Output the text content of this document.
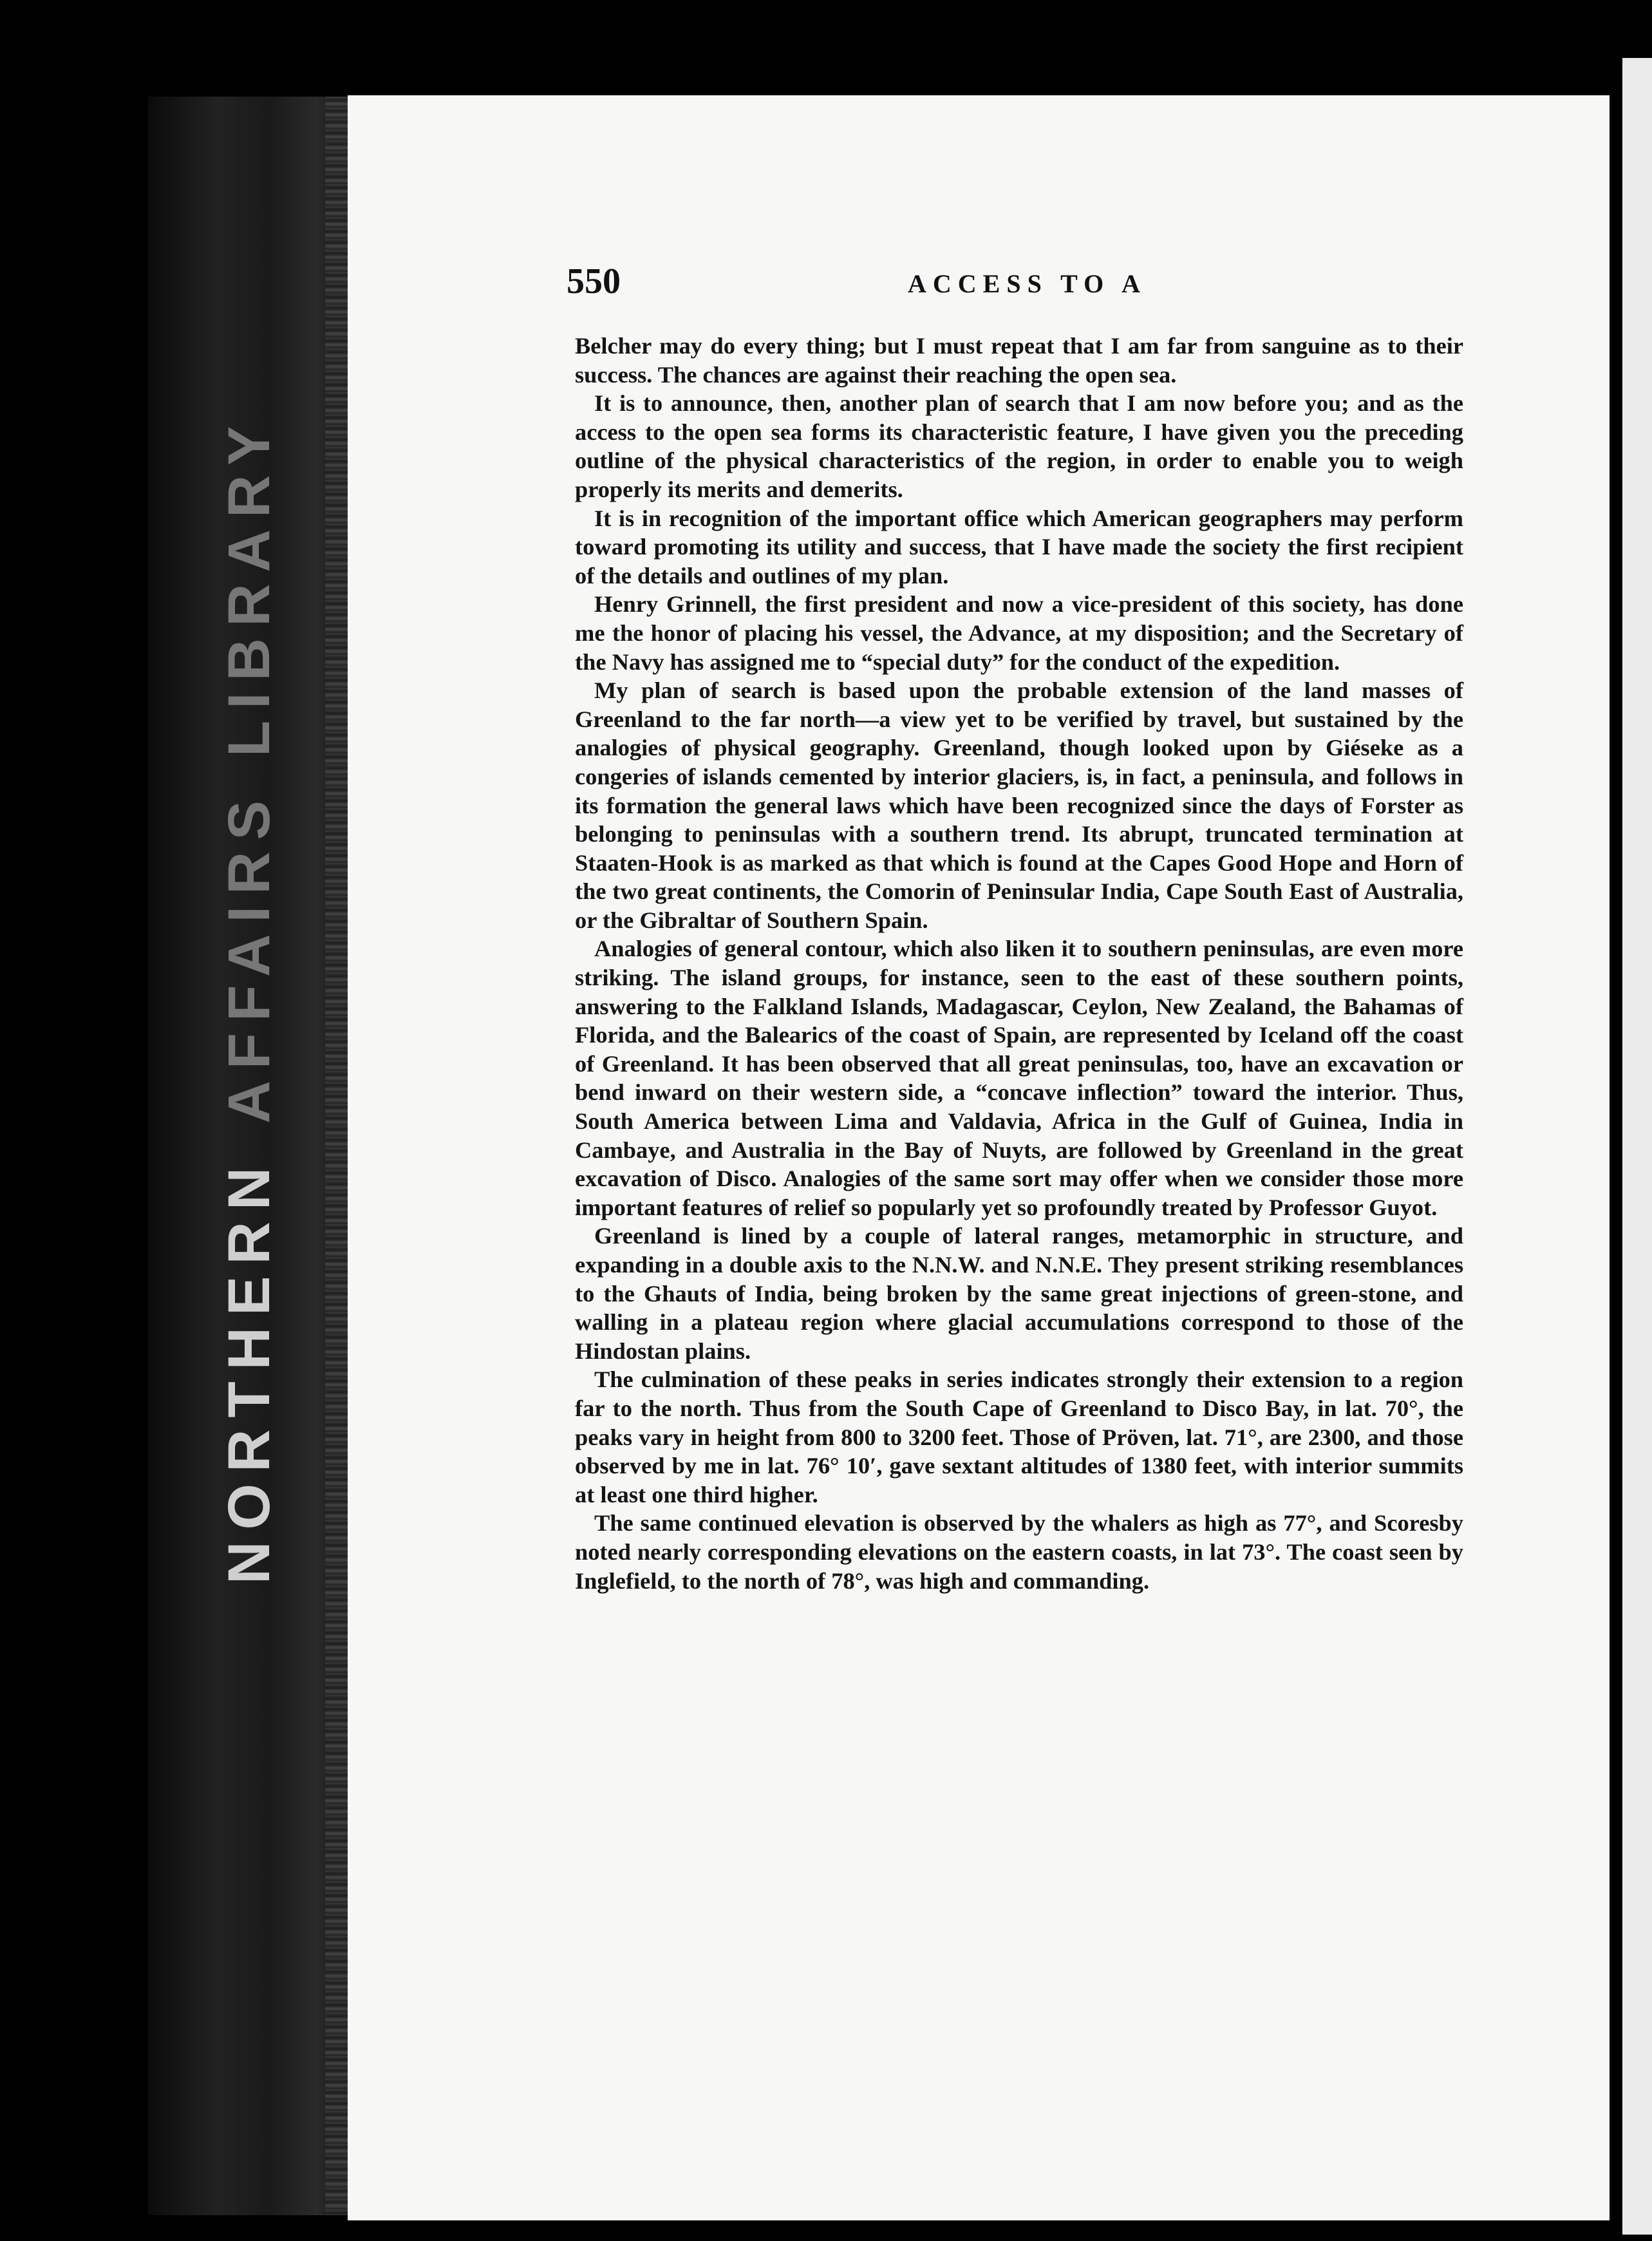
NORTHERNAFFAIRSLIBRARY
550	ACCESS TO A

Belcher may do every thing; but I must repeat that I am far from sanguine as to their success. The chances are against their reaching the open sea.

It is to announce, then, another plan of search that I am now before you; and as the access to the open sea forms its characteristic feature, I have given you the preceding outline of the physical characteristics of the region, in order to enable you to weigh properly its merits and demerits.

It is in recognition of the important office which American geographers may perform toward promoting its utility and success, that I have made the society the first recipient of the details and outlines of my plan.

Henry Grinnell, the first president and now a vice-president of this society, has done me the honor of placing his vessel, the Advance, at my disposition; and the Secretary of the Navy has assigned me to “special duty” for the conduct of the expedition.

My plan of search is based upon the probable extension of the land masses of Greenland to the far north—a view yet to be verified by travel, but sustained by the analogies of physical geography. Greenland, though looked upon by Giéseke as a congeries of islands cemented by interior glaciers, is, in fact, a peninsula, and follows in its formation the general laws which have been recognized since the days of Forster as belonging to peninsulas with a southern trend. Its abrupt, truncated termination at Staaten-Hook is as marked as that which is found at the Capes Good Hope and Horn of the two great continents, the Comorin of Peninsular India, Cape South East of Australia, or the Gibraltar of Southern Spain.

Analogies of general contour, which also liken it to southern peninsulas, are even more striking. The island groups, for instance, seen to the east of these southern points, answering to the Falkland Islands, Madagascar, Ceylon, New Zealand, the Bahamas of Florida, and the Balearics of the coast of Spain, are represented by Iceland off the coast of Greenland. It has been observed that all great peninsulas, too, have an excavation or bend inward on their western side, a “concave inflection” toward the interior. Thus, South America between Lima and Valdavia, Africa in the Gulf of Guinea, India in Cambaye, and Australia in the Bay of Nuyts, are followed by Greenland in the great excavation of Disco. Analogies of the same sort may offer when we consider those more important features of relief so popularly yet so profoundly treated by Professor Guyot.

Greenland is lined by a couple of lateral ranges, metamorphic in structure, and expanding in a double axis to the N.N.W. and N.N.E. They present striking resemblances to the Ghauts of India, being broken by the same great injections of green-stone, and walling in a plateau region where glacial accumulations correspond to those of the Hindostan plains.

The culmination of these peaks in series indicates strongly their extension to a region far to the north. Thus from the South Cape of Greenland to Disco Bay, in lat. 70°, the peaks vary in height from 800 to 3200 feet. Those of Pröven, lat. 71°, are 2300, and those observed by me in lat. 76° 10′, gave sextant altitudes of 1380 feet, with interior summits at least one third higher.

The same continued elevation is observed by the whalers as high as 77°, and Scoresby noted nearly corresponding elevations on the eastern coasts, in lat 73°. The coast seen by Inglefield, to the north of 78°, was high and commanding.
